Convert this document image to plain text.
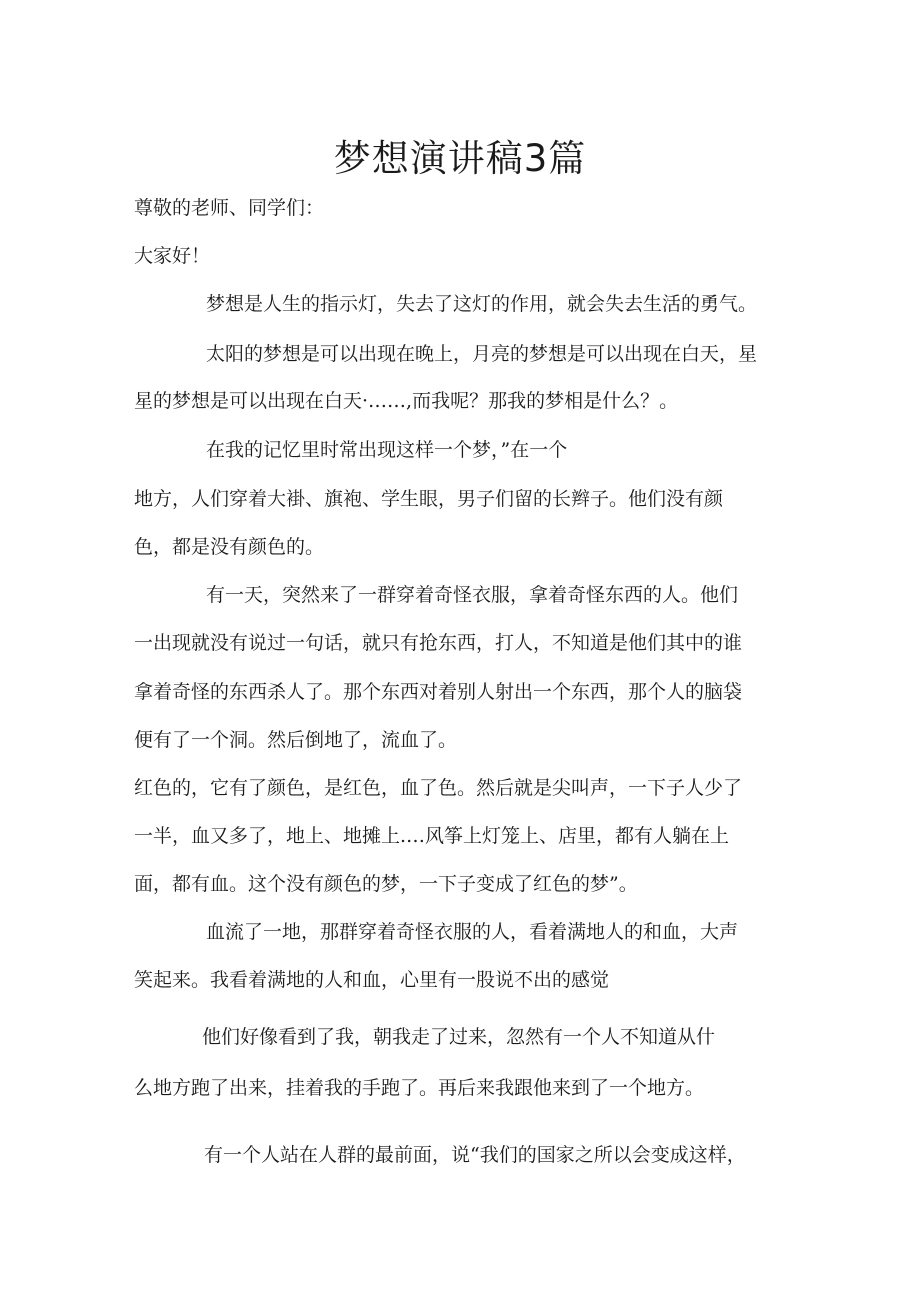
梦想演讲稿3篇

尊敬的老师、同学们：

大家好！

梦想是人生的指示灯，失去了这灯的作用，就会失去生活的勇气。

太阳的梦想是可以出现在晚上，月亮的梦想是可以出现在白天，星

星的梦想是可以出现在白天·……,而我呢？那我的梦相是什么？。

在我的记忆里时常出现这样一个梦，”在一个

地方，人们穿着大褂、旗袍、学生眼，男子们留的长辫子。他们没有颜

色，都是没有颜色的。

有一天，突然来了一群穿着奇怪衣服，拿着奇怪东西的人。他们

一出现就没有说过一句话，就只有抢东西，打人，不知道是他们其中的谁

拿着奇怪的东西杀人了。那个东西对着别人射出一个东西，那个人的脑袋

便有了一个洞。然后倒地了，流血了。

红色的，它有了颜色，是红色，血了色。然后就是尖叫声，一下子人少了

一半，血又多了，地上、地摊上.…风筝上灯笼上、店里，都有人躺在上

面，都有血。这个没有颜色的梦，一下子变成了红色的梦”。

血流了一地，那群穿着奇怪衣服的人，看着满地人的和血，大声

笑起来。我看着满地的人和血，心里有一股说不出的感觉

他们好像看到了我，朝我走了过来，忽然有一个人不知道从什

么地方跑了出来，挂着我的手跑了。再后来我跟他来到了一个地方。

有一个人站在人群的最前面，说“我们的国家之所以会变成这样，
